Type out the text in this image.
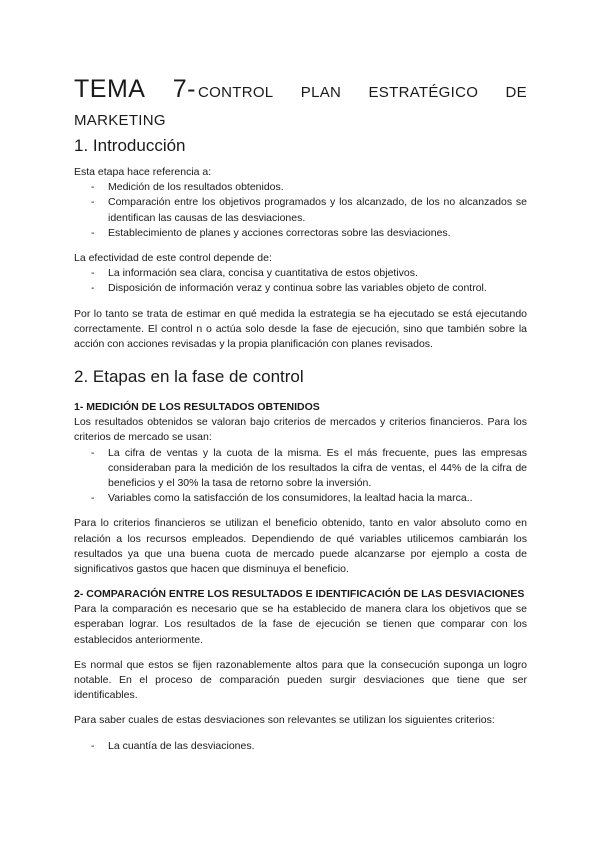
TEMA 7- CONTROL PLAN ESTRATÉGICO DE
MARKETING
1. Introducción

Esta etapa hace referencia a:

- Medición de los resultados obtenidos.
- Comparación entre los objetivos programados y los alcanzado, de los no alcanzados se identifican las causas de las desviaciones.
- Establecimiento de planes y acciones correctoras sobre las desviaciones.

La efectividad de este control depende de:

- La información sea clara, concisa y cuantitativa de estos objetivos.
- Disposición de información veraz y continua sobre las variables objeto de control.

Por lo tanto se trata de estimar en qué medida la estrategia se ha ejecutado se está ejecutando correctamente. El control n o actúa solo desde la fase de ejecución, sino que también sobre la acción con acciones revisadas y la propia planificación con planes revisados.

2. Etapas en la fase de control
1- MEDICIÓN DE LOS RESULTADOS OBTENIDOS

Los resultados obtenidos se valoran bajo criterios de mercados y criterios financieros. Para los criterios de mercado se usan:

- La cifra de ventas y la cuota de la misma. Es el más frecuente, pues las empresas consideraban para la medición de los resultados la cifra de ventas, el 44% de la cifra de beneficios y el 30% la tasa de retorno sobre la inversión.
- Variables como la satisfacción de los consumidores, la lealtad hacia la marca..

Para lo criterios financieros se utilizan el beneficio obtenido, tanto en valor absoluto como en relación a los recursos empleados. Dependiendo de qué variables utilicemos cambiarán los resultados ya que una buena cuota de mercado puede alcanzarse por ejemplo a costa de significativos gastos que hacen que disminuya el beneficio.

2- COMPARACIÓN ENTRE LOS RESULTADOS E IDENTIFICACIÓN DE LAS DESVIACIONES

Para la comparación es necesario que se ha establecido de manera clara los objetivos que se esperaban lograr. Los resultados de la fase de ejecución se tienen que comparar con los establecidos anteriormente.

Es normal que estos se fijen razonablemente altos para que la consecución suponga un logro notable. En el proceso de comparación pueden surgir desviaciones que tiene que ser identificables.

Para saber cuales de estas desviaciones son relevantes se utilizan los siguientes criterios:

- La cuantía de las desviaciones.
